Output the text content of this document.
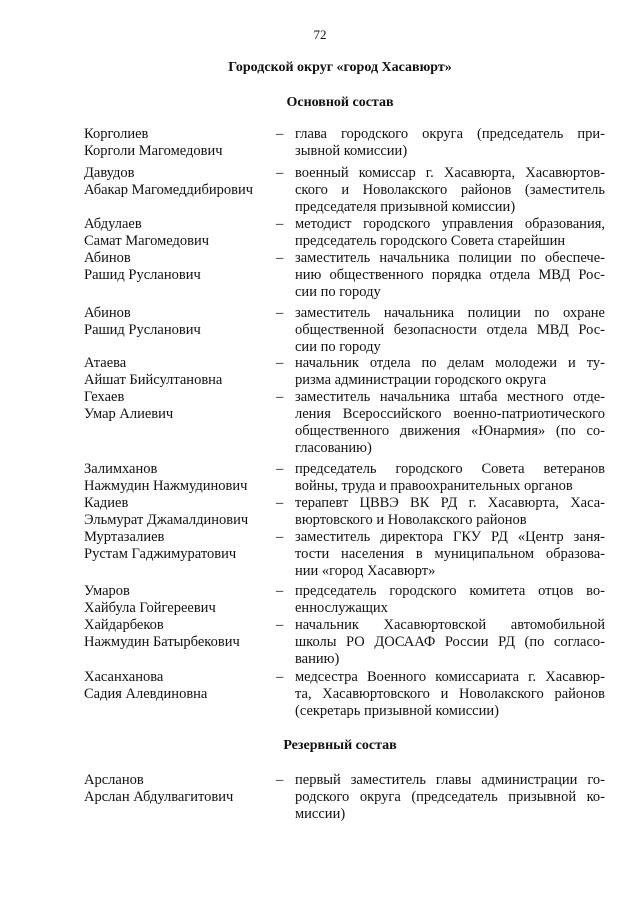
72
Городской округ «город Хасавюрт»
Основной состав
Резервный состав
Корголиев
Корголи Магомедович
– глава городского округа (председатель при-
зывной комиссии)
Давудов
Абакар Магомеддибирович
– военный комиссар г. Хасавюрта, Хасавюртов-
ского и Новолакского районов (заместитель
председателя призывной комиссии)
Абдулаев
Самат Магомедович
– методист городского управления образования,
председатель городского Совета старейшин
Абинов
Рашид Русланович
– заместитель начальника полиции по обеспече-
нию общественного порядка отдела МВД Рос-
сии по городу
Абинов
Рашид Русланович
– заместитель начальника полиции по охране
общественной безопасности отдела МВД Рос-
сии по городу
Атаева
Айшат Бийсултановна
– начальник отдела по делам молодежи и ту-
ризма администрации городского округа
Гехаев
Умар Алиевич
– заместитель начальника штаба местного отде-
ления Всероссийского военно-патриотического
общественного движения «Юнармия» (по со-
гласованию)
Залимханов
Нажмудин Нажмудинович
– председатель городского Совета ветеранов
войны, труда и правоохранительных органов
Кадиев
Эльмурат Джамалдинович
– терапевт ЦВВЭ ВК РД г. Хасавюрта, Хаса-
вюртовского и Новолакского районов
Муртазалиев
Рустам Гаджимуратович
– заместитель директора ГКУ РД «Центр заня-
тости населения в муниципальном образова-
нии «город Хасавюрт»
Умаров
Хайбула Гойгереевич
– председатель городского комитета отцов во-
еннослужащих
Хайдарбеков
Нажмудин Батырбекович
– начальник Хасавюртовской автомобильной
школы РО ДОСААФ России РД (по согласо-
ванию)
Хасанханова
Садия Алевдиновна
– медсестра Военного комиссариата г. Хасавюр-
та, Хасавюртовского и Новолакского районов
(секретарь призывной комиссии)
Арсланов
Арслан Абдулвагитович
– первый заместитель главы администрации го-
родского округа (председатель призывной ко-
миссии)
